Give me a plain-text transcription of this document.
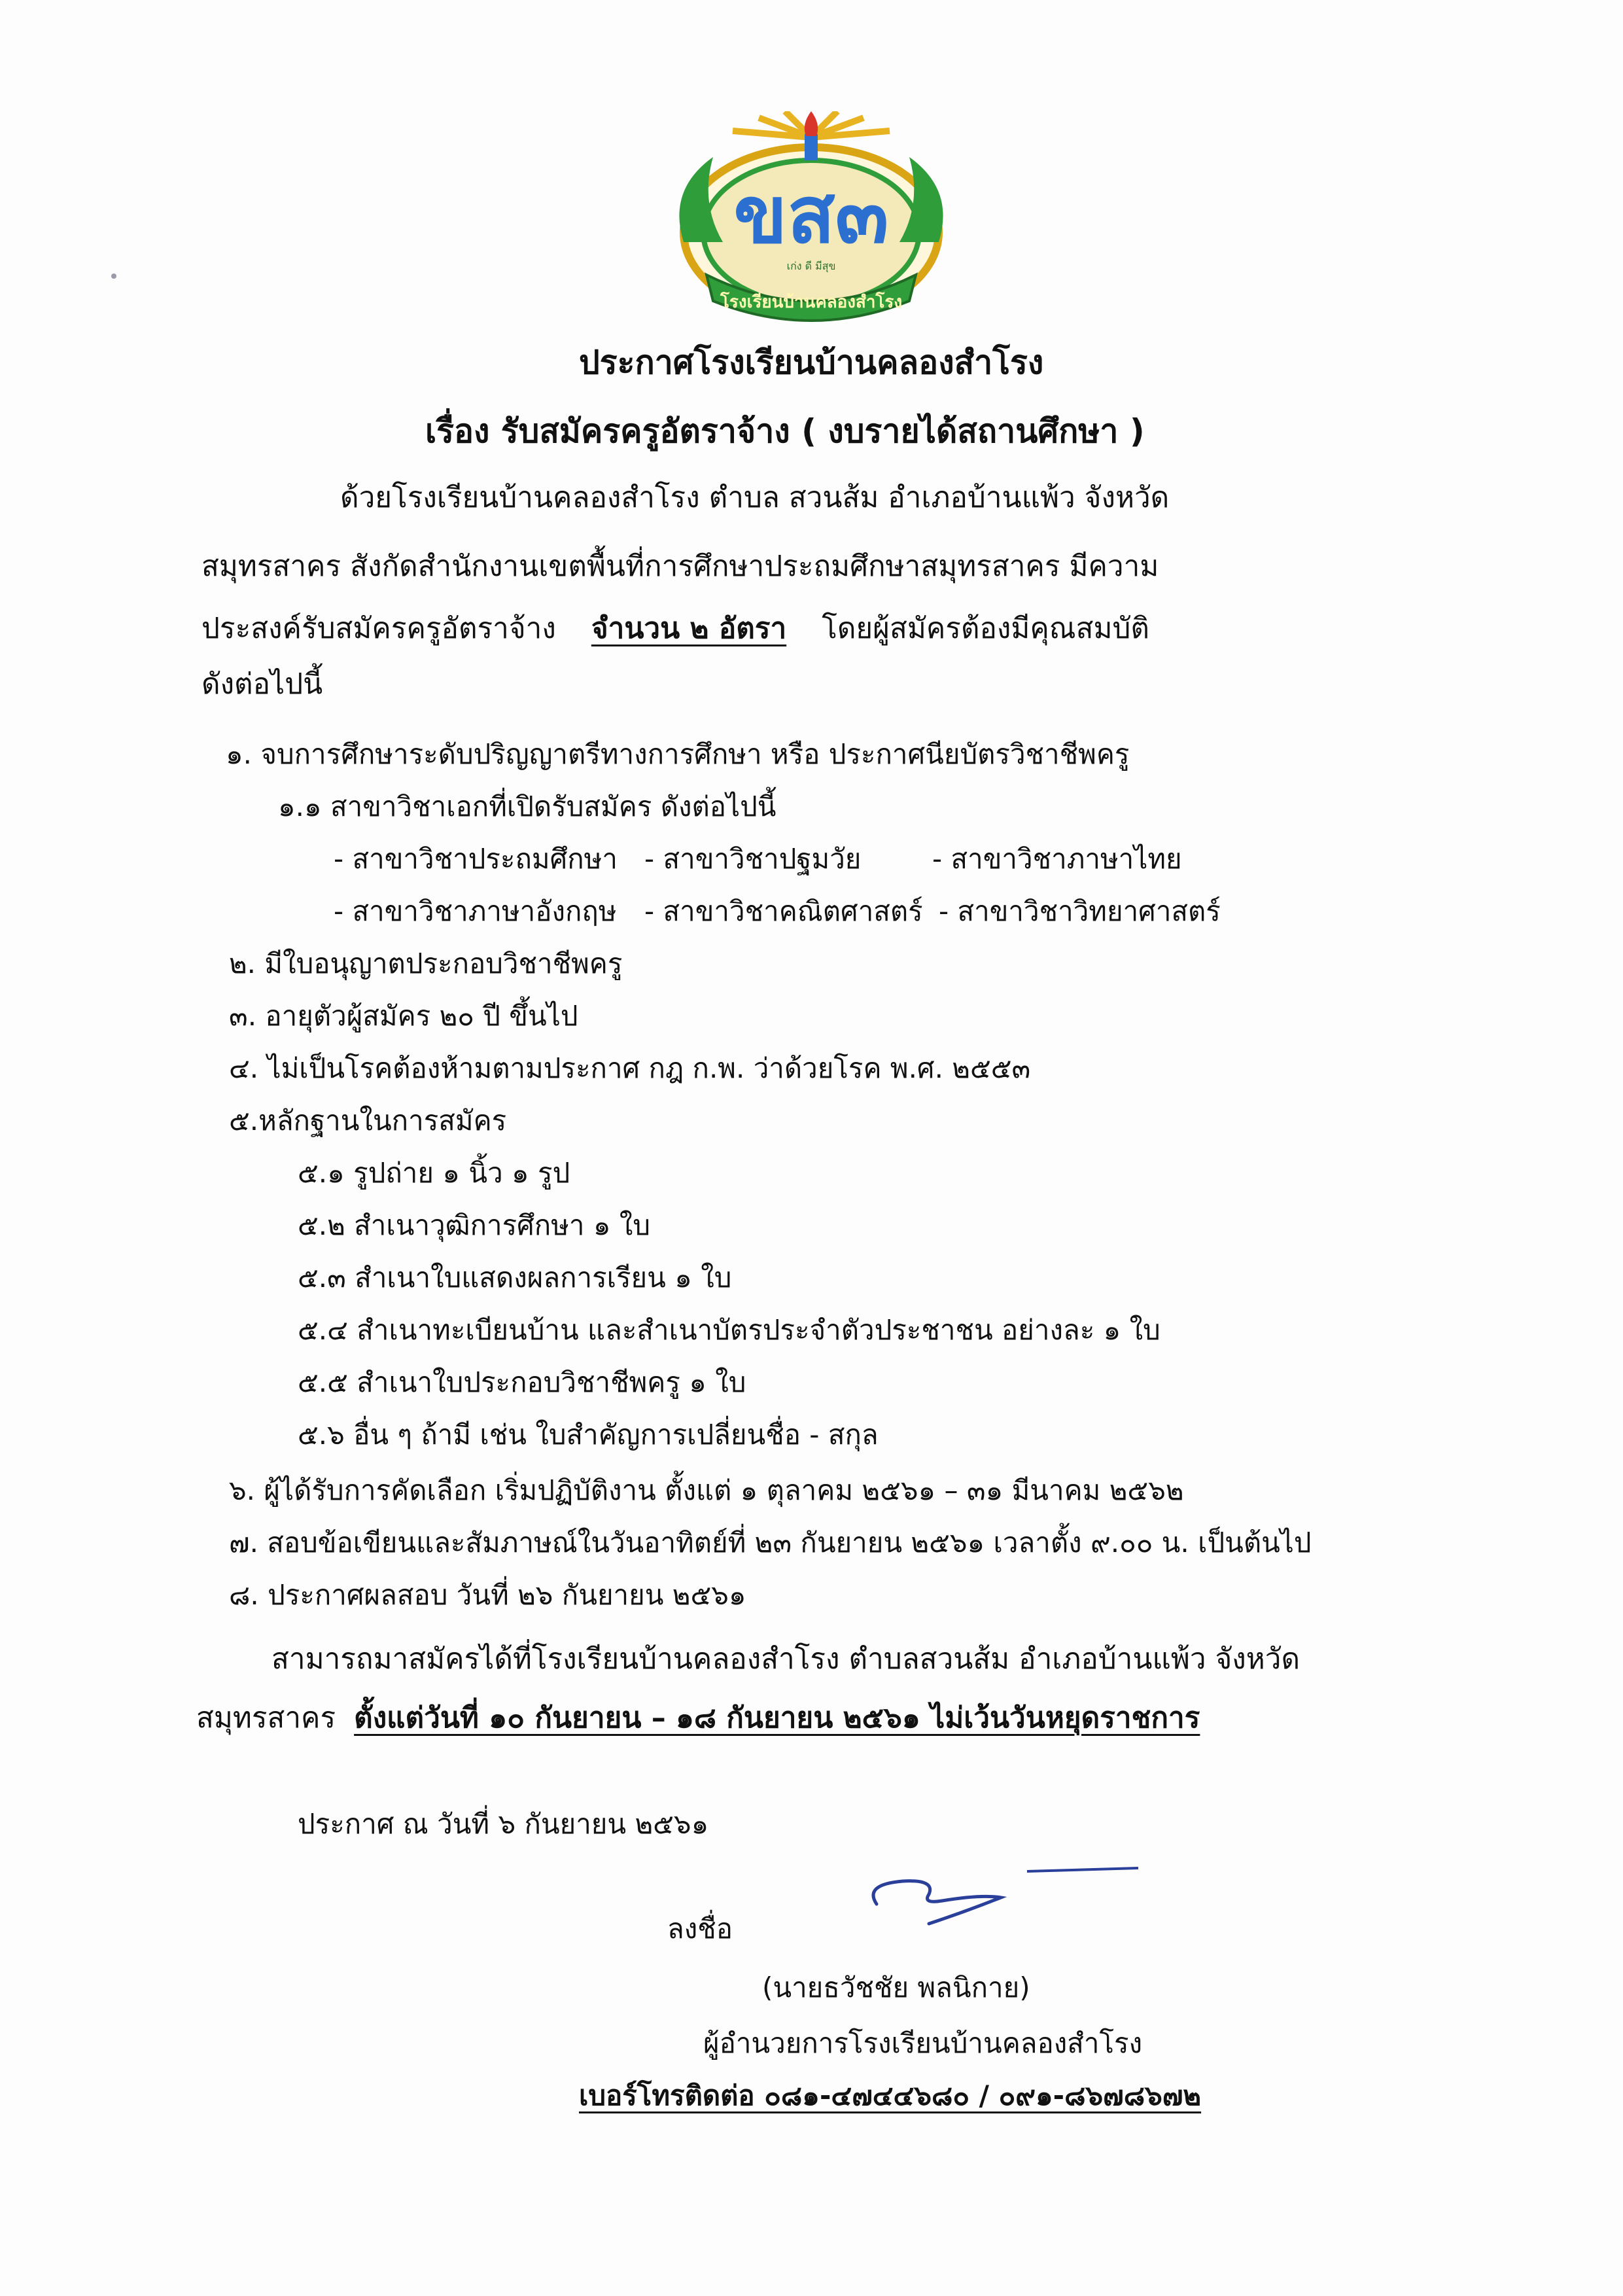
ขส๓
เก่ง ดี มีสุข
โรงเรียนบ้านคลองสำโรง
ประกาศโรงเรียนบ้านคลองสำโรง
เรื่อง รับสมัครครูอัตราจ้าง ( งบรายได้สถานศึกษา )
ด้วยโรงเรียนบ้านคลองสำโรง ตำบล สวนส้ม อำเภอบ้านแพ้ว จังหวัด
สมุทรสาคร สังกัดสำนักงานเขตพื้นที่การศึกษาประถมศึกษาสมุทรสาคร มีความ
ประสงค์รับสมัครครูอัตราจ้าง จำนวน ๒ อัตรา โดยผู้สมัครต้องมีคุณสมบัติ
ดังต่อไปนี้
๑. จบการศึกษาระดับปริญญาตรีทางการศึกษา หรือ ประกาศนียบัตรวิชาชีพครู
๑.๑ สาขาวิชาเอกที่เปิดรับสมัคร ดังต่อไปนี้
- สาขาวิชาประถมศึกษา - สาขาวิชาปฐมวัย	- สาขาวิชาภาษาไทย
- สาขาวิชาภาษาอังกฤษ - สาขาวิชาคณิตศาสตร์ - สาขาวิชาวิทยาศาสตร์
๒. มีใบอนุญาตประกอบวิชาชีพครู
๓. อายุตัวผู้สมัคร ๒๐ ปี ขึ้นไป
๔. ไม่เป็นโรคต้องห้ามตามประกาศ กฎ ก.พ. ว่าด้วยโรค พ.ศ. ๒๕๕๓
๕.หลักฐานในการสมัคร
๕.๑ รูปถ่าย ๑ นิ้ว ๑ รูป
๕.๒ สำเนาวุฒิการศึกษา ๑ ใบ
๕.๓ สำเนาใบแสดงผลการเรียน ๑ ใบ
๕.๔ สำเนาทะเบียนบ้าน และสำเนาบัตรประจำตัวประชาชน อย่างละ ๑ ใบ
๕.๕ สำเนาใบประกอบวิชาชีพครู ๑ ใบ
๕.๖ อื่น ๆ ถ้ามี เช่น ใบสำคัญการเปลี่ยนชื่อ - สกุล
๖. ผู้ได้รับการคัดเลือก เริ่มปฏิบัติงาน ตั้งแต่ ๑ ตุลาคม ๒๕๖๑ – ๓๑ มีนาคม ๒๕๖๒
๗. สอบข้อเขียนและสัมภาษณ์ในวันอาทิตย์ที่ ๒๓ กันยายน ๒๕๖๑ เวลาตั้ง ๙.๐๐ น. เป็นต้นไป
๘. ประกาศผลสอบ วันที่ ๒๖ กันยายน ๒๕๖๑
สามารถมาสมัครได้ที่โรงเรียนบ้านคลองสำโรง ตำบลสวนส้ม อำเภอบ้านแพ้ว จังหวัด
สมุทรสาคร ตั้งแต่วันที่ ๑๐ กันยายน – ๑๘ กันยายน ๒๕๖๑ ไม่เว้นวันหยุดราชการ
ประกาศ ณ วันที่ ๖ กันยายน ๒๕๖๑
ลงชื่อ
(นายธวัชชัย พลนิกาย)
ผู้อำนวยการโรงเรียนบ้านคลองสำโรง
เบอร์โทรติดต่อ ๐๘๑-๔๗๔๔๖๘๐ / ๐๙๑-๘๖๗๘๖๗๒
